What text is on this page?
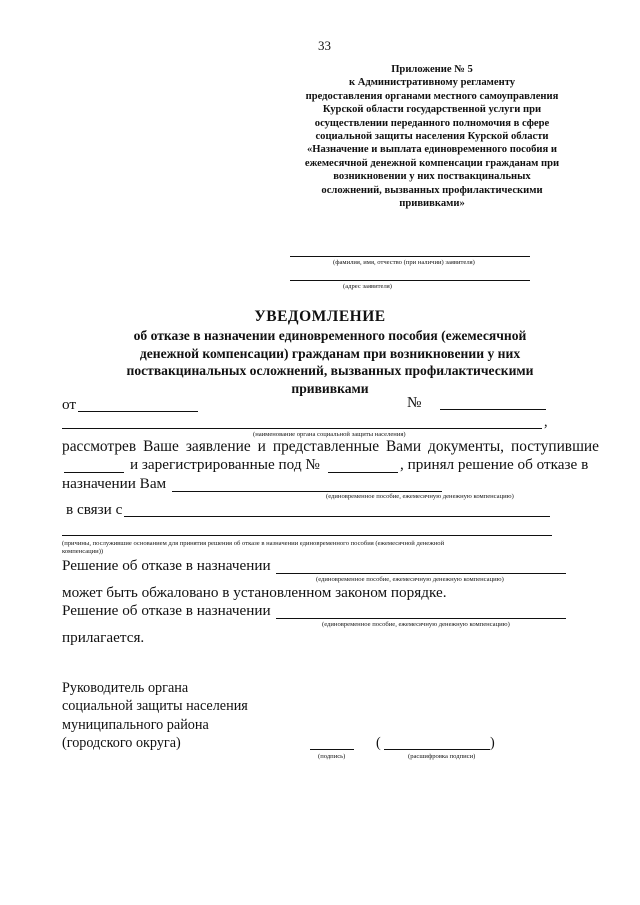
33
Приложение № 5
к Административному регламенту
предоставления органами местного самоуправления
Курской области государственной услуги при
осуществлении переданного полномочия в сфере
социальной защиты населения Курской области
«Назначение и выплата единовременного пособия и
ежемесячной денежной компенсации гражданам при
возникновении у них поствакцинальных
осложнений, вызванных профилактическими
прививками»
(фамилия, имя, отчество (при наличии) заявителя)
(адрес заявителя)
УВЕДОМЛЕНИЕ
об отказе в назначении единовременного пособия (ежемесячной
денежной компенсации) гражданам при возникновении у них
поствакцинальных осложнений, вызванных профилактическими
прививками
от	№
,
(наименование органа социальной защиты населения)
рассмотрев Ваше заявление и представленные Вами документы, поступившие
и зарегистрированные под №	, принял решение об отказе в
назначении Вам
(единовременное пособие, ежемесячную денежную компенсацию)
в связи с
(причины, послужившие основанием для принятия решения об отказе в назначении единовременного пособия (ежемесячной денежной
компенсации))
Решение об отказе в назначении
(единовременное пособие, ежемесячную денежную компенсацию)
может быть обжаловано в установленном законом порядке.
Решение об отказе в назначении
(единовременное пособие, ежемесячную денежную компенсацию)
прилагается.
Руководитель органа
социальной защиты населения
муниципального района
(городского округа)
(подпись)
(	)
(расшифровка подписи)
